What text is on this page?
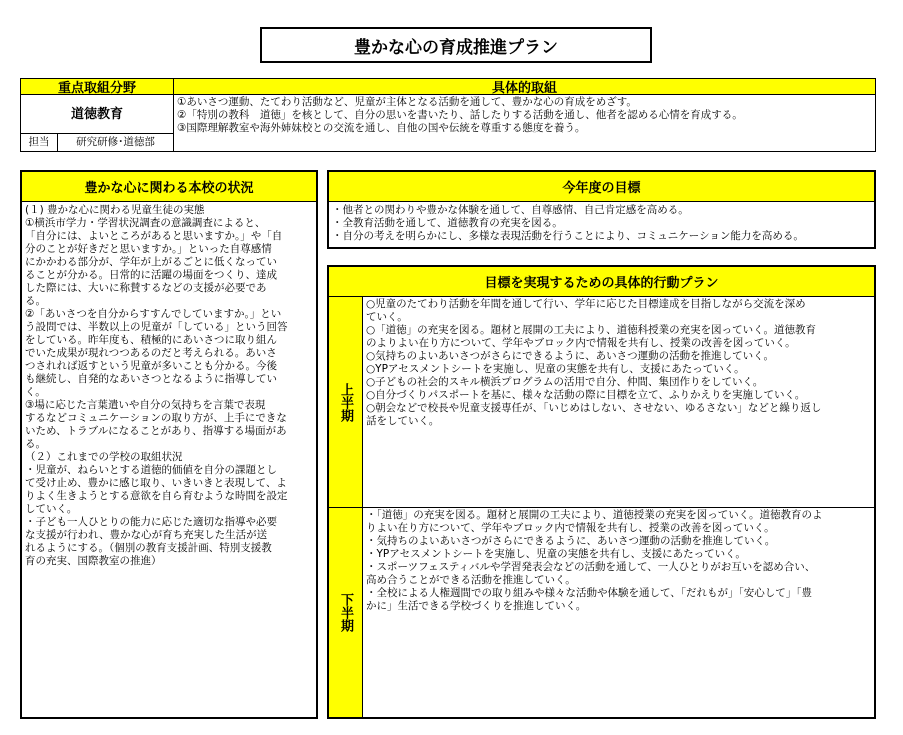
豊かな心の育成推進プラン
重点取組分野	具体的取組
道徳教育
①あいさつ運動、たてわり活動など、児童が主体となる活動を通して、豊かな心の育成をめざす。
②「特別の教科　道徳」を核として、自分の思いを書いたり、話したりする活動を通し、他者を認める心情を育成する。
③国際理解教室や海外姉妹校との交流を通し、自他の国や伝統を尊重する態度を養う。
担当	研究研修･道徳部
豊かな心に関わる本校の状況
(１) 豊かな心に関わる児童生徒の実態
①横浜市学力・学習状況調査の意識調査によると、
「自分には、よいところがあると思いますか。」や「自
分のことが好きだと思いますか。」といった自尊感情
にかかわる部分が、学年が上がるごとに低くなってい
ることが分かる。日常的に活躍の場面をつくり、達成
した際には、大いに称賛するなどの支援が必要であ
る。
②「あいさつを自分からすすんでしていますか。」とい
う設問では、半数以上の児童が「している」という回答
をしている。昨年度も、積極的にあいさつに取り組ん
でいた成果が現れつつあるのだと考えられる。あいさ
つされれば返すという児童が多いことも分かる。今後
も継続し、自発的なあいさつとなるように指導してい
く。
③場に応じた言葉遣いや自分の気持ちを言葉で表現
するなどコミュニケーションの取り方が、上手にできな
いため、トラブルになることがあり、指導する場面があ
る。
（２）これまでの学校の取組状況
・児童が、ねらいとする道徳的価値を自分の課題とし
て受け止め、豊かに感じ取り、いきいきと表現して、よ
りよく生きようとする意欲を自ら育むような時間を設定
していく。
・子ども一人ひとりの能力に応じた適切な指導や必要
な支援が行われ、豊かな心が育ち充実した生活が送
れるようにする。（個別の教育支援計画、特別支援教
育の充実、国際教室の推進）
今年度の目標
・他者との関わりや豊かな体験を通して、自尊感情、自己肯定感を高める。
・全教育活動を通して、道徳教育の充実を図る。
・自分の考えを明らかにし、多様な表現活動を行うことにより、コミュニケーション能力を高める。
目標を実現するための具体的行動プラン
上半期
○児童のたてわり活動を年間を通して行い、学年に応じた目標達成を目指しながら交流を深め
ていく。
○「道徳」の充実を図る。題材と展開の工夫により、道徳科授業の充実を図っていく。道徳教育
のよりよい在り方について、学年やブロック内で情報を共有し、授業の改善を図っていく。
○気持ちのよいあいさつがさらにできるように、あいさつ運動の活動を推進していく。
○YPアセスメントシートを実施し、児童の実態を共有し、支援にあたっていく。
○子どもの社会的スキル横浜プログラムの活用で自分、仲間、集団作りをしていく。
○自分づくりパスポートを基に、様々な活動の際に目標を立て、ふりかえりを実施していく。
○朝会などで校長や児童支援専任が、「いじめはしない、させない、ゆるさない」などと繰り返し
話をしていく。
下半期
・「道徳」の充実を図る。題材と展開の工夫により、道徳授業の充実を図っていく。道徳教育のよ
りよい在り方について、学年やブロック内で情報を共有し、授業の改善を図っていく。
・気持ちのよいあいさつがさらにできるように、あいさつ運動の活動を推進していく。
・YPアセスメントシートを実施し、児童の実態を共有し、支援にあたっていく。
・スポーツフェスティバルや学習発表会などの活動を通して、一人ひとりがお互いを認め合い、
高め合うことができる活動を推進していく。
・全校による人権週間での取り組みや様々な活動や体験を通して、「だれもが」「安心して」「豊
かに」生活できる学校づくりを推進していく。
